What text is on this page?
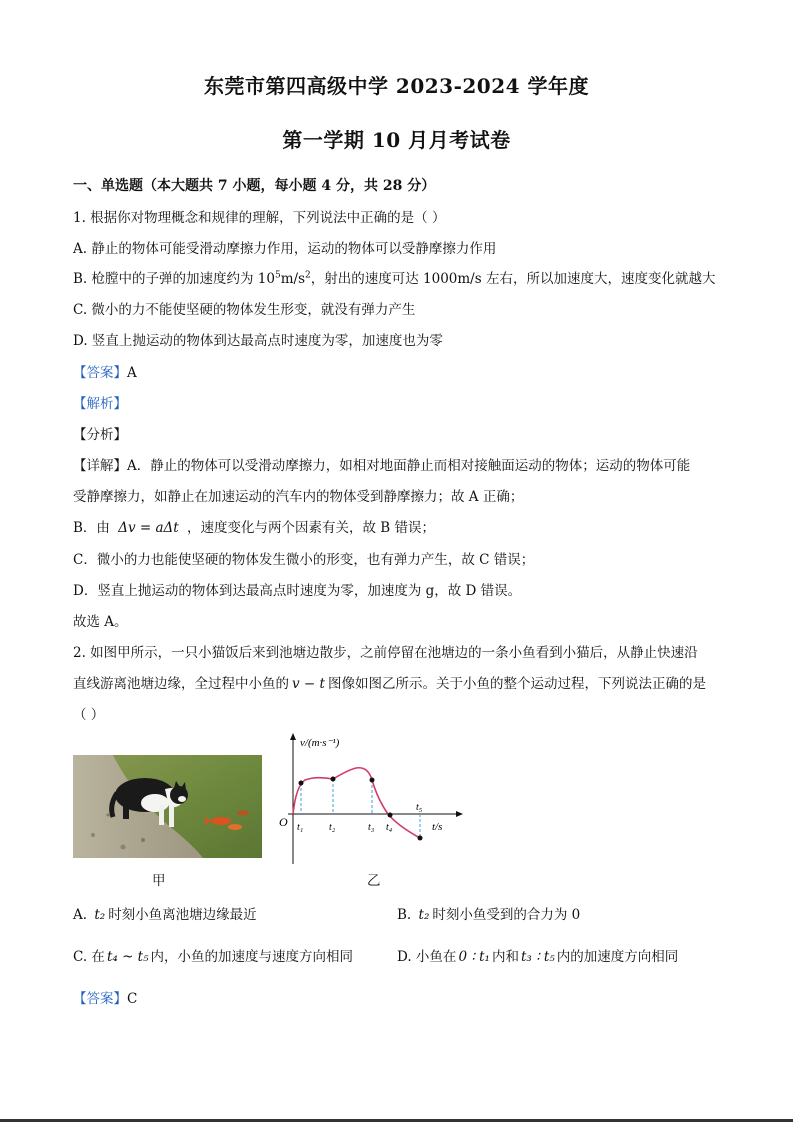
东莞市第四高级中学 2023-2024 学年度
第一学期 10 月月考试卷
一、单选题（本大题共 7 小题，每小题 4 分，共 28 分）
1. 根据你对物理概念和规律的理解，下列说法中正确的是（ ）
A. 静止的物体可能受滑动摩擦力作用，运动的物体可以受静摩擦力作用
B. 枪膛中的子弹的加速度约为 $10^5m/s^2$，射出的速度可达 1000m/s 左右，所以加速度大，速度变化就越大
C. 微小的力不能使坚硬的物体发生形变，就没有弹力产生
D. 竖直上抛运动的物体到达最高点时速度为零，加速度也为零
【答案】A
【解析】
【分析】
【详解】A．静止的物体可以受滑动摩擦力，如相对地面静止而相对接触面运动的物体；运动的物体可能
受静摩擦力，如静止在加速运动的汽车内的物体受到静摩擦力；故 A 正确；
B．由 Δv = aΔt ，速度变化与两个因素有关，故 B 错误；
C．微小的力也能使坚硬的物体发生微小的形变，也有弹力产生，故 C 错误；
D．竖直上抛运动的物体到达最高点时速度为零，加速度为 g，故 D 错误。
故选 A。
2. 如图甲所示，一只小猫饭后来到池塘边散步，之前停留在池塘边的一条小鱼看到小猫后，从静止快速沿
直线游离池塘边缘，全过程中小鱼的 v − t 图像如图乙所示。关于小鱼的整个运动过程，下列说法正确的是
（ ）
v/(m·s⁻¹)
t/s
O t₁	t₂	t₃ t₄
t₅
甲	乙
A. t₂ 时刻小鱼离池塘边缘最近	B. t₂ 时刻小鱼受到的合力为 0
C. 在 t₄ ~ t₅ 内，小鱼的加速度与速度方向相同	D. 小鱼在 0 ∶ t₁ 内和 t₃ ∶ t₅ 内的加速度方向相同
【答案】C
